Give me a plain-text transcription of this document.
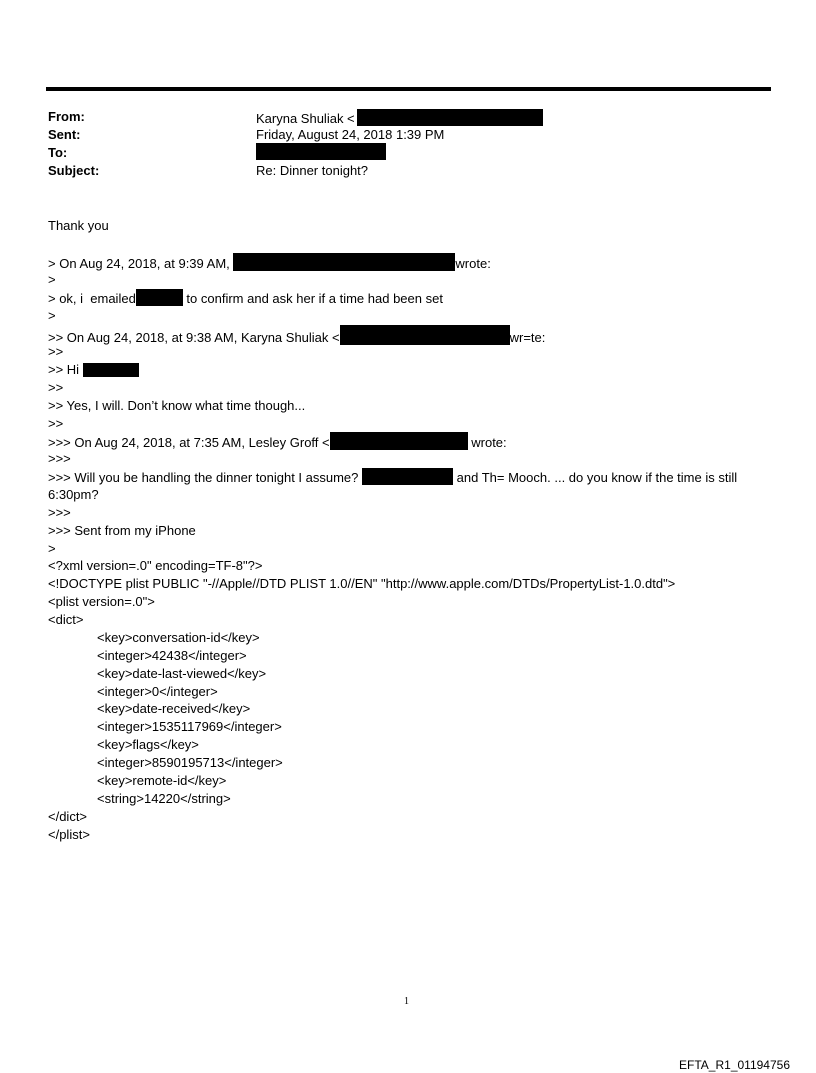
From:	Karyna Shuliak <
Sent:	Friday, August 24, 2018 1:39 PM
To:
Subject:	Re: Dinner tonight?
Thank you
> On Aug 24, 2018, at 9:39 AM,	wrote:
>
> ok, i  emailed	to confirm and ask her if a time had been set
>
>> On Aug 24, 2018, at 9:38 AM, Karyna Shuliak <	wr=te:
>>
>> Hi
>>
>> Yes, I will. Don’t know what time though...
>>
>>> On Aug 24, 2018, at 7:35 AM, Lesley Groff <	wrote:
>>>
>>> Will you be handling the dinner tonight I assume?	and Th= Mooch. ... do you know if the time is still
6:30pm?
>>>
>>> Sent from my iPhone
>
<?xml version=.0" encoding=TF-8"?>
<!DOCTYPE plist PUBLIC "-//Apple//DTD PLIST 1.0//EN" "http://www.apple.com/DTDs/PropertyList-1.0.dtd">
<plist version=.0">
<dict>
<key>conversation-id</key>
<integer>42438</integer>
<key>date-last-viewed</key>
<integer>0</integer>
<key>date-received</key>
<integer>1535117969</integer>
<key>flags</key>
<integer>8590195713</integer>
<key>remote-id</key>
<string>14220</string>
</dict>
</plist>
1
EFTA_R1_01194756
